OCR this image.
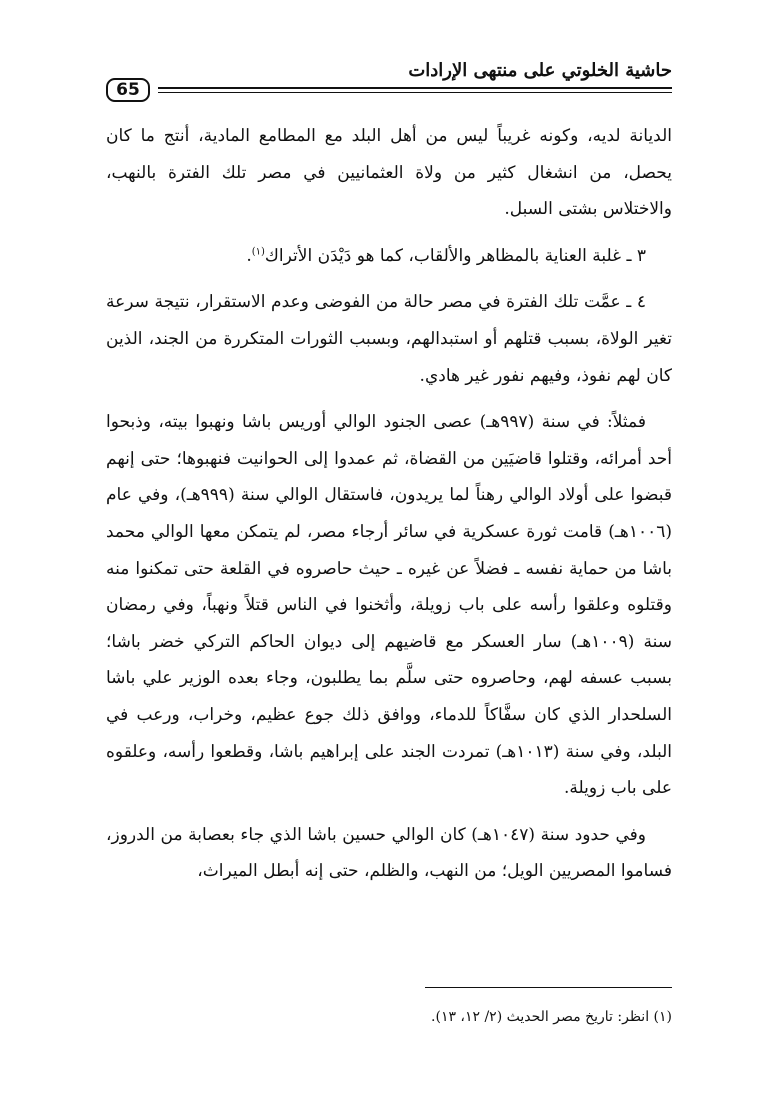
65
حاشية الخلوتي على منتهى الإرادات

الديانة لديه، وكونه غريباً ليس من أهل البلد مع المطامع المادية، أنتج ما كان يحصل، من انشغال كثير من ولاة العثمانيين في مصر تلك الفترة بالنهب، والاختلاس بشتى السبل.

٣ ـ غلبة العناية بالمظاهر والألقاب، كما هو دَيْدَن الأتراك$^{(١)}$.

٤ ـ عمَّت تلك الفترة في مصر حالة من الفوضى وعدم الاستقرار، نتيجة سرعة تغير الولاة، بسبب قتلهم أو استبدالهم، وبسبب الثورات المتكررة من الجند، الذين كان لهم نفوذ، وفيهم نفور غير هادي.

فمثلاً: في سنة (٩٩٧هـ) عصى الجنود الوالي أوريس باشا ونهبوا بيته، وذبحوا أحد أمرائه، وقتلوا قاضيَين من القضاة، ثم عمدوا إلى الحوانيت فنهبوها؛ حتى إنهم قبضوا على أولاد الوالي رهناً لما يريدون، فاستقال الوالي سنة (٩٩٩هـ)، وفي عام (١٠٠٦هـ) قامت ثورة عسكرية في سائر أرجاء مصر، لم يتمكن معها الوالي محمد باشا من حماية نفسه ـ فضلاً عن غيره ـ حيث حاصروه في القلعة حتى تمكنوا منه وقتلوه وعلقوا رأسه على باب زويلة، وأثخنوا في الناس قتلاً ونهباً، وفي رمضان سنة (١٠٠٩هـ) سار العسكر مع قاضيهم إلى ديوان الحاكم التركي خضر باشا؛ بسبب عسفه لهم، وحاصروه حتى سلَّم بما يطلبون، وجاء بعده الوزير علي باشا السلحدار الذي كان سفَّاكاً للدماء، ووافق ذلك جوع عظيم، وخراب، ورعب في البلد، وفي سنة (١٠١٣هـ) تمردت الجند على إبراهيم باشا، وقطعوا رأسه، وعلقوه على باب زويلة.

وفي حدود سنة (١٠٤٧هـ) كان الوالي حسين باشا الذي جاء بعصابة من الدروز، فساموا المصريين الويل؛ من النهب، والظلم، حتى إنه أبطل الميراث،

(١) انظر: تاريخ مصر الحديث (٢/ ١٢، ١٣).
